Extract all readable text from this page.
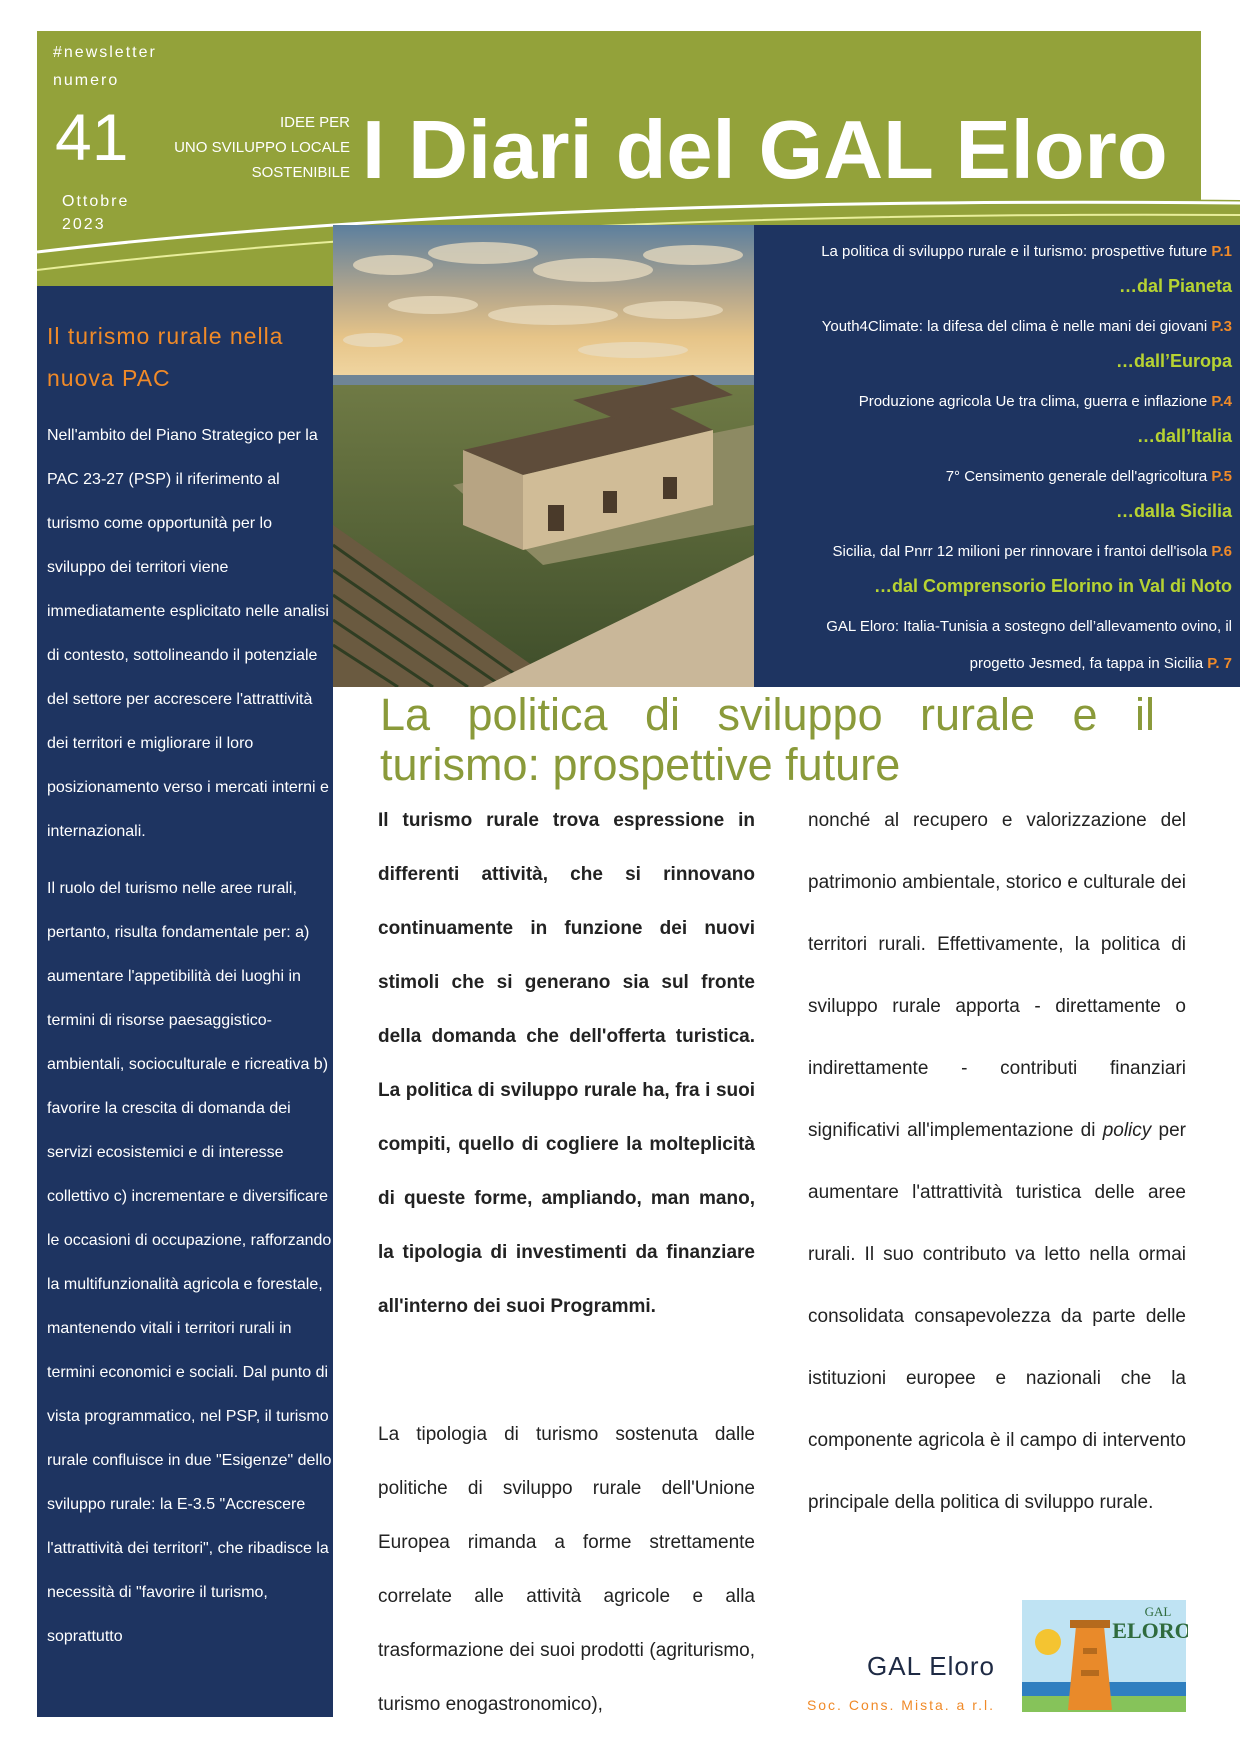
#newsletter
numero
41
Ottobre
2023
IDEE PER
UNO SVILUPPO LOCALE
SOSTENIBILE I Diari del GAL Eloro
Il turismo rurale nella
nuova PAC
Nell'ambito del Piano Strategico per la PAC 23-27 (PSP) il riferimento al turismo come opportunità per lo sviluppo dei territori viene immediatamente esplicitato nelle analisi di contesto, sottolineando il potenziale del settore per accrescere l'attrattività dei territori e migliorare il loro posizionamento verso i mercati interni e internazionali.
Il ruolo del turismo nelle aree rurali, pertanto, risulta fondamentale per: a) aumentare l'appetibilità dei luoghi in termini di risorse paesaggistico-ambientali, socioculturale e ricreativa b) favorire la crescita di domanda dei servizi ecosistemici e di interesse collettivo c) incrementare e diversificare le occasioni di occupazione, rafforzando la multifunzionalità agricola e forestale, mantenendo vitali i territori rurali in termini economici e sociali. Dal punto di vista programmatico, nel PSP, il turismo rurale confluisce in due "Esigenze" dello sviluppo rurale: la E-3.5 "Accrescere l'attrattività dei territori", che ribadisce la necessità di "favorire il turismo, soprattutto
La politica di sviluppo rurale e il turismo: prospettive future P.1
…dal Pianeta
Youth4Climate: la difesa del clima è nelle mani dei giovani P.3
…dall’Europa
Produzione agricola Ue tra clima, guerra e inflazione P.4
…dall’Italia
7° Censimento generale dell'agricoltura P.5
…dalla Sicilia
Sicilia, dal Pnrr 12 milioni per rinnovare i frantoi dell'isola P.6
…dal Comprensorio Elorino in Val di Noto
GAL Eloro: Italia-Tunisia a sostegno dell’allevamento ovino, il
progetto Jesmed, fa tappa in Sicilia P. 7
La politica di sviluppo rurale e il turismo: prospettive future
Il turismo rurale trova espressione in differenti attività, che si rinnovano continuamente in funzione dei nuovi stimoli che si generano sia sul fronte della domanda che dell'offerta turistica. La politica di sviluppo rurale ha, fra i suoi compiti, quello di cogliere la molteplicità di queste forme, ampliando, man mano, la tipologia di investimenti da finanziare all'interno dei suoi Programmi.
La tipologia di turismo sostenuta dalle politiche di sviluppo rurale dell'Unione Europea rimanda a forme strettamente correlate alle attività agricole e alla trasformazione dei suoi prodotti (agriturismo, turismo enogastronomico),
nonché al recupero e valorizzazione del patrimonio ambientale, storico e culturale dei territori rurali. Effettivamente, la politica di sviluppo rurale apporta - direttamente o indirettamente - contributi finanziari significativi all'implementazione di policy per aumentare l'attrattività turistica delle aree rurali. Il suo contributo va letto nella ormai consolidata consapevolezza da parte delle istituzioni europee e nazionali che la componente agricola è il campo di intervento principale della politica di sviluppo rurale.
GAL Eloro
Soc. Cons. Mista. a r.l.
GAL
ELORO
